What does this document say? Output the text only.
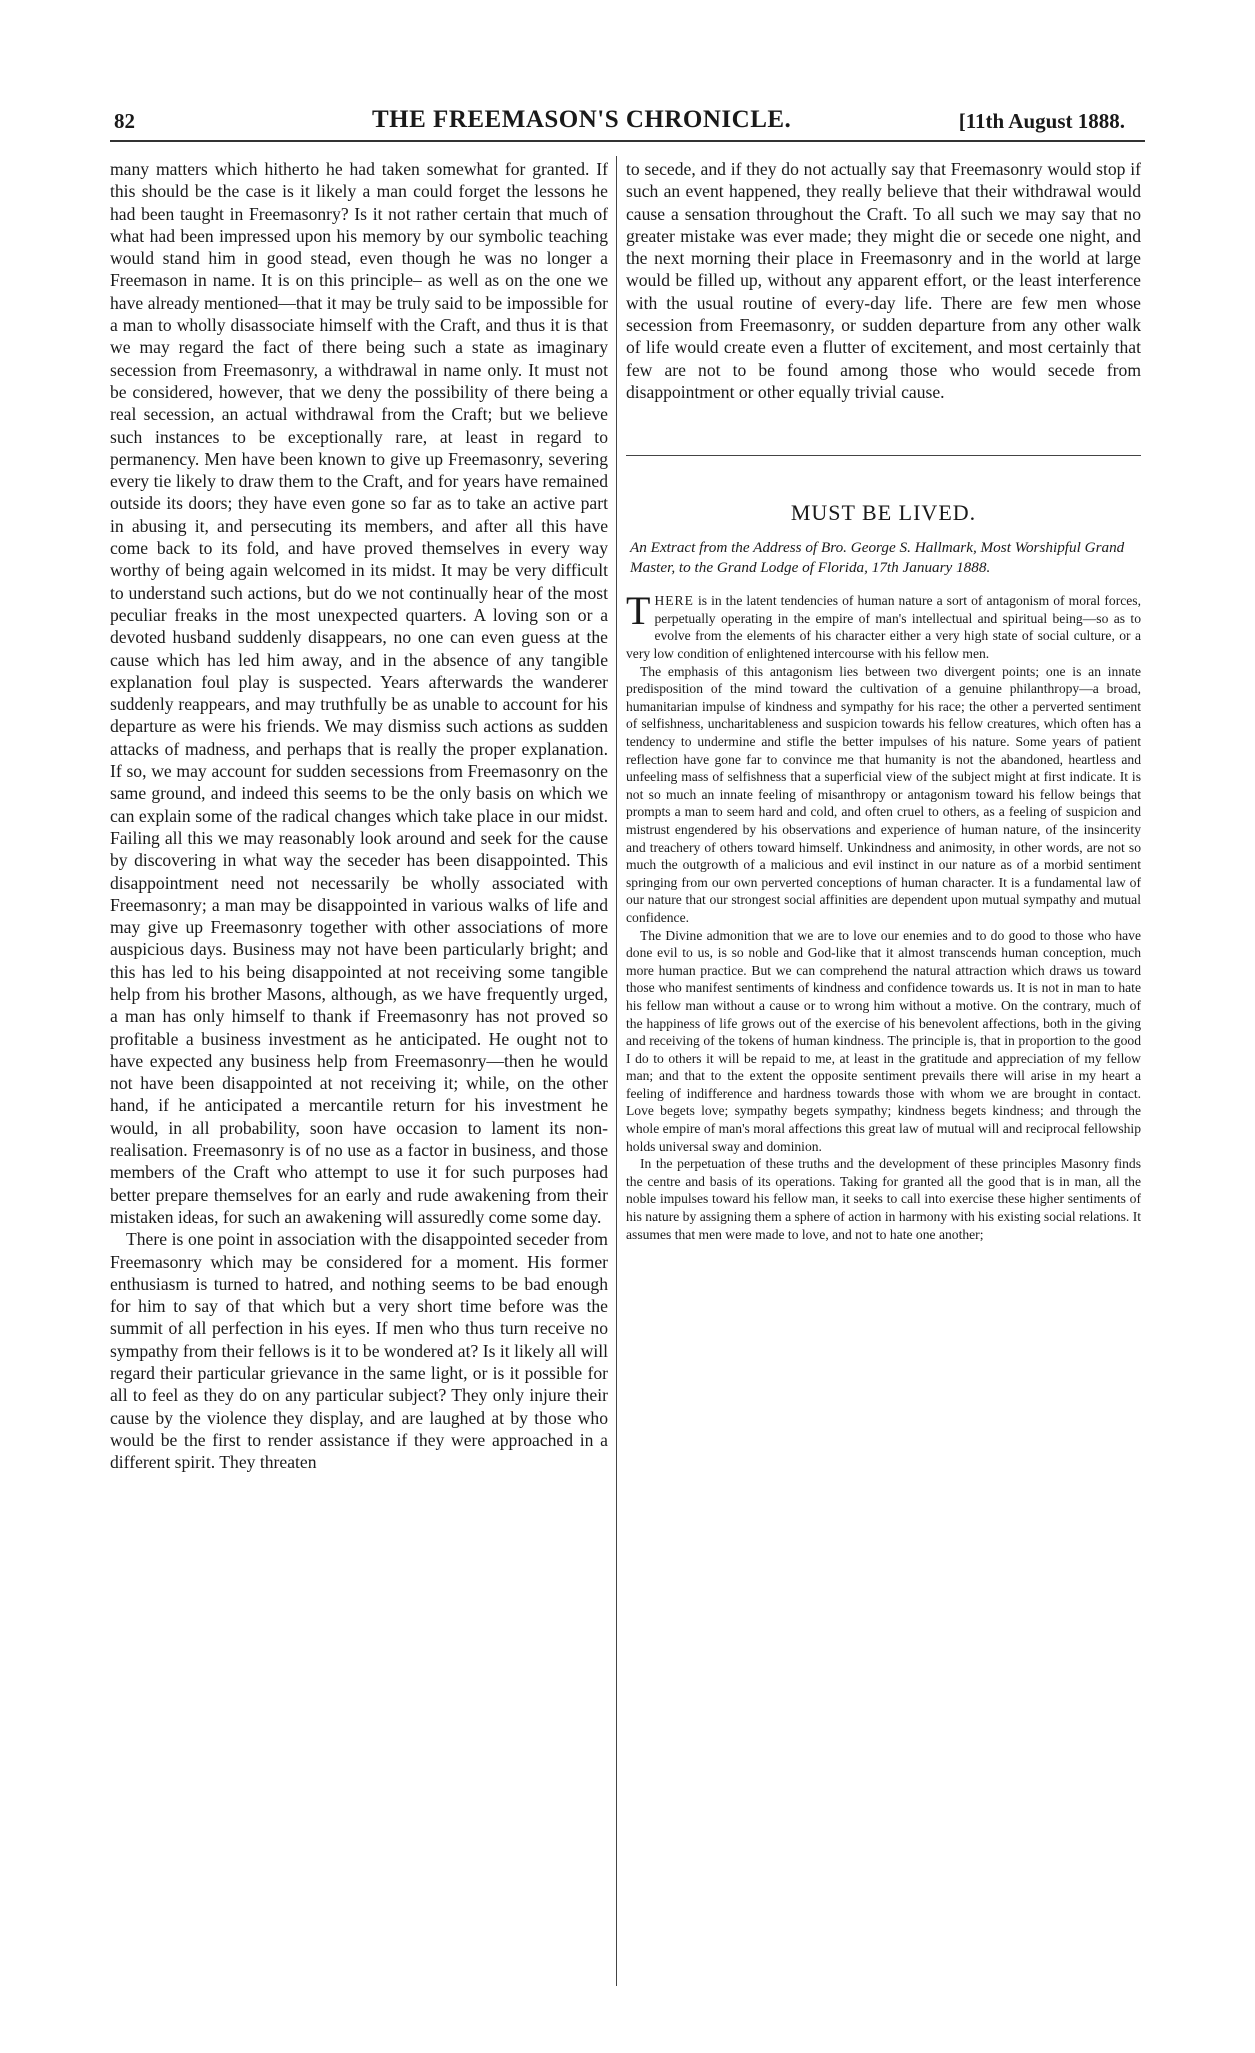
82	THE FREEMASON'S CHRONICLE.	[11th August 1888.

many matters which hitherto he had taken somewhat for granted. If this should be the case is it likely a man could forget the lessons he had been taught in Freemasonry? Is it not rather certain that much of what had been impressed upon his memory by our symbolic teaching would stand him in good stead, even though he was no longer a Freemason in name. It is on this principle– as well as on the one we have already mentioned—that it may be truly said to be impossible for a man to wholly disassociate himself with the Craft, and thus it is that we may regard the fact of there being such a state as imaginary secession from Freemasonry, a withdrawal in name only. It must not be considered, however, that we deny the possibility of there being a real secession, an actual withdrawal from the Craft; but we believe such instances to be exceptionally rare, at least in regard to permanency. Men have been known to give up Freemasonry, severing every tie likely to draw them to the Craft, and for years have remained outside its doors; they have even gone so far as to take an active part in abusing it, and persecuting its members, and after all this have come back to its fold, and have proved themselves in every way worthy of being again welcomed in its midst. It may be very difficult to understand such actions, but do we not continually hear of the most peculiar freaks in the most unexpected quarters. A loving son or a devoted husband suddenly disappears, no one can even guess at the cause which has led him away, and in the absence of any tangible explanation foul play is suspected. Years afterwards the wanderer suddenly reappears, and may truthfully be as unable to account for his departure as were his friends. We may dismiss such actions as sudden attacks of madness, and perhaps that is really the proper explanation. If so, we may account for sudden secessions from Freemasonry on the same ground, and indeed this seems to be the only basis on which we can explain some of the radical changes which take place in our midst. Failing all this we may reasonably look around and seek for the cause by discovering in what way the seceder has been disappointed. This disappointment need not necessarily be wholly associated with Freemasonry; a man may be disappointed in various walks of life and may give up Freemasonry together with other associations of more auspicious days. Business may not have been particularly bright; and this has led to his being disappointed at not receiving some tangible help from his brother Masons, although, as we have frequently urged, a man has only himself to thank if Freemasonry has not proved so profitable a business investment as he anticipated. He ought not to have expected any business help from Freemasonry—then he would not have been disappointed at not receiving it; while, on the other hand, if he anticipated a mercantile return for his investment he would, in all probability, soon have occasion to lament its non-realisation. Freemasonry is of no use as a factor in business, and those members of the Craft who attempt to use it for such purposes had better prepare themselves for an early and rude awakening from their mistaken ideas, for such an awakening will assuredly come some day.

There is one point in association with the disappointed seceder from Freemasonry which may be considered for a moment. His former enthusiasm is turned to hatred, and nothing seems to be bad enough for him to say of that which but a very short time before was the summit of all perfection in his eyes. If men who thus turn receive no sympathy from their fellows is it to be wondered at? Is it likely all will regard their particular grievance in the same light, or is it possible for all to feel as they do on any particular subject? They only injure their cause by the violence they display, and are laughed at by those who would be the first to render assistance if they were approached in a different spirit. They threaten

to secede, and if they do not actually say that Freemasonry would stop if such an event happened, they really believe that their withdrawal would cause a sensation throughout the Craft. To all such we may say that no greater mistake was ever made; they might die or secede one night, and the next morning their place in Freemasonry and in the world at large would be filled up, without any apparent effort, or the least interference with the usual routine of every-day life. There are few men whose secession from Freemasonry, or sudden departure from any other walk of life would create even a flutter of excitement, and most certainly that few are not to be found among those who would secede from disappointment or other equally trivial cause.

MUST BE LIVED.

An Extract from the Address of Bro. George S. Hallmark, Most Worshipful Grand Master, to the Grand Lodge of Florida, 17th January 1888.

THERE is in the latent tendencies of human nature a sort of antagonism of moral forces, perpetually operating in the empire of man's intellectual and spiritual being—so as to evolve from the elements of his character either a very high state of social culture, or a very low condition of enlightened intercourse with his fellow men.

The emphasis of this antagonism lies between two divergent points; one is an innate predisposition of the mind toward the cultivation of a genuine philanthropy—a broad, humanitarian impulse of kindness and sympathy for his race; the other a perverted sentiment of selfishness, uncharitableness and suspicion towards his fellow creatures, which often has a tendency to undermine and stifle the better impulses of his nature. Some years of patient reflection have gone far to convince me that humanity is not the abandoned, heartless and unfeeling mass of selfishness that a superficial view of the subject might at first indicate. It is not so much an innate feeling of misanthropy or antagonism toward his fellow beings that prompts a man to seem hard and cold, and often cruel to others, as a feeling of suspicion and mistrust engendered by his observations and experience of human nature, of the insincerity and treachery of others toward himself. Unkindness and animosity, in other words, are not so much the outgrowth of a malicious and evil instinct in our nature as of a morbid sentiment springing from our own perverted conceptions of human character. It is a fundamental law of our nature that our strongest social affinities are dependent upon mutual sympathy and mutual confidence.

The Divine admonition that we are to love our enemies and to do good to those who have done evil to us, is so noble and God-like that it almost transcends human conception, much more human practice. But we can comprehend the natural attraction which draws us toward those who manifest sentiments of kindness and confidence towards us. It is not in man to hate his fellow man without a cause or to wrong him without a motive. On the contrary, much of the happiness of life grows out of the exercise of his benevolent affections, both in the giving and receiving of the tokens of human kindness. The principle is, that in proportion to the good I do to others it will be repaid to me, at least in the gratitude and appreciation of my fellow man; and that to the extent the opposite sentiment prevails there will arise in my heart a feeling of indifference and hardness towards those with whom we are brought in contact. Love begets love; sympathy begets sympathy; kindness begets kindness; and through the whole empire of man's moral affections this great law of mutual will and reciprocal fellowship holds universal sway and dominion.

In the perpetuation of these truths and the development of these principles Masonry finds the centre and basis of its operations. Taking for granted all the good that is in man, all the noble impulses toward his fellow man, it seeks to call into exercise these higher sentiments of his nature by assigning them a sphere of action in harmony with his existing social relations. It assumes that men were made to love, and not to hate one another;
